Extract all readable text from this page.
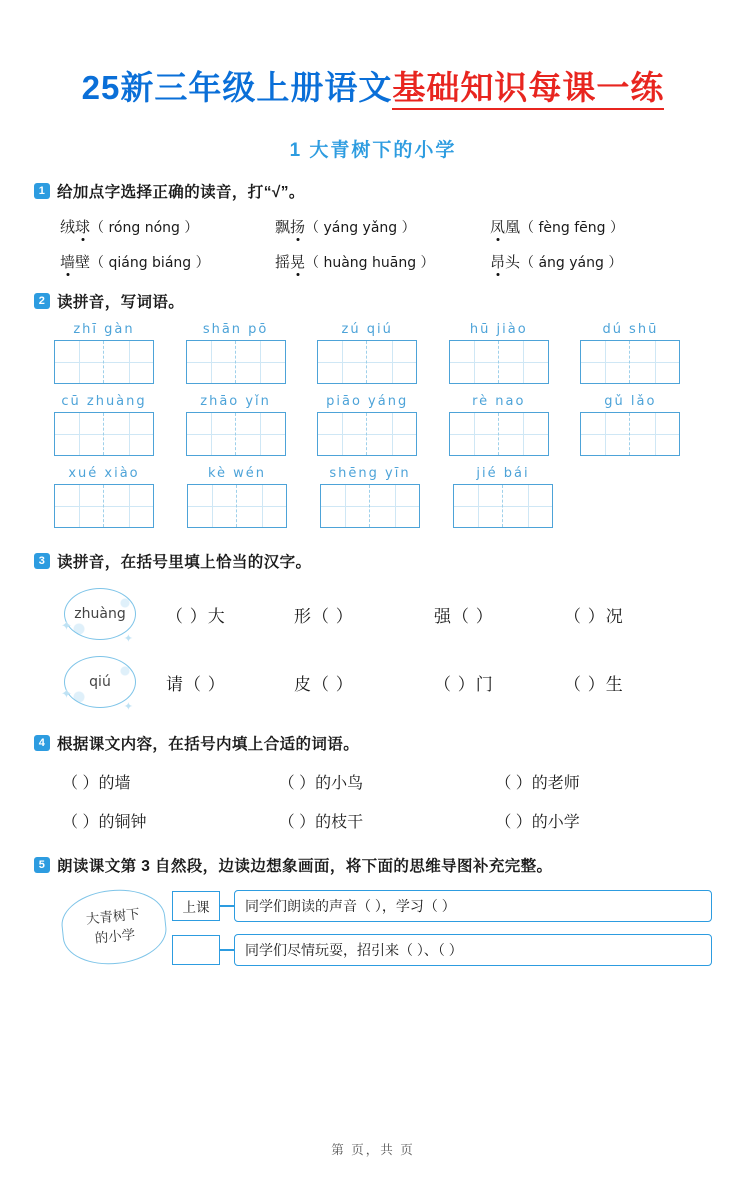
25新三年级上册语文基础知识每课一练
1 大青树下的小学
1 给加点字选择正确的读音，打“√”。
绒球（ róng nóng ）	飘扬（ yáng yǎng ）	凤凰（ fèng fēng ）
墙壁（ qiáng biáng ）	摇晃（ huàng huāng ）	昂头（ áng yáng ）
2 读拼音，写词语。
zhī gàn	shān pō	zú qiú	hū jiào	dú shū
cū zhuàng	zhāo yǐn	piāo yáng	rè nao	gǔ lǎo
xué xiào	kè wén	shēng yīn	jié bái
3 读拼音，在括号里填上恰当的汉字。
✦ zhuàng ✦	（ ）大	形（ ）	强（ ）	（ ）况
✦ qiú ✦	请（ ）	皮（ ）	（ ）门	（ ）生
4 根据课文内容，在括号内填上合适的词语。
（ ）的墙	（ ）的小鸟	（ ）的老师
（ ）的铜钟	（ ）的枝干	（ ）的小学
5 朗读课文第 3 自然段，边读边想象画面，将下面的思维导图补充完整。
大青树下
的小学
上课	同学们朗读的声音（ ），学习（ ）
同学们尽情玩耍，招引来（ ）、（ ）
第 页，共 页
